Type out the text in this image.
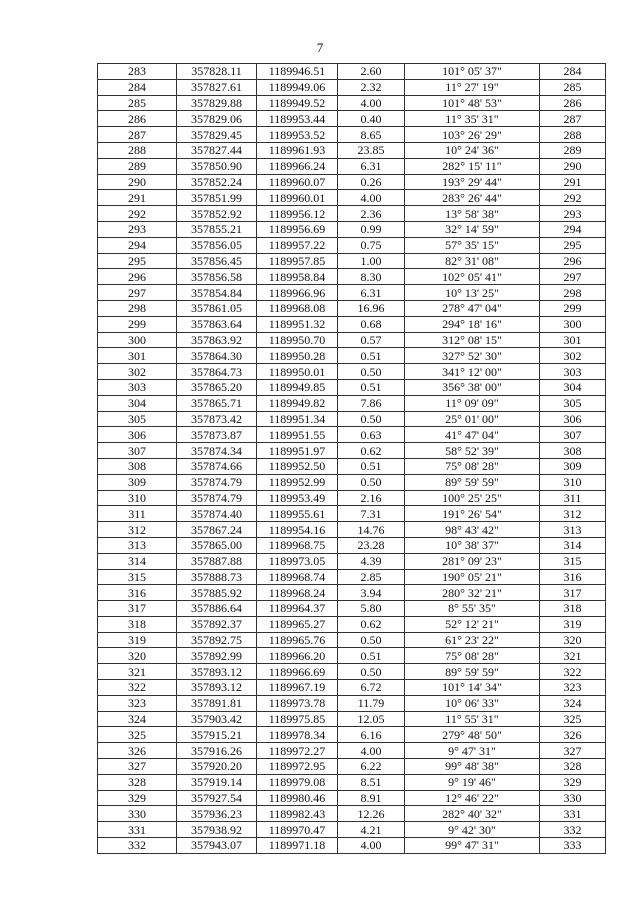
7
283	357828.11	1189946.51	2.60	101° 05' 37"	284
284	357827.61	1189949.06	2.32	11° 27' 19"	285
285	357829.88	1189949.52	4.00	101° 48' 53"	286
286	357829.06	1189953.44	0.40	11° 35' 31"	287
287	357829.45	1189953.52	8.65	103° 26' 29"	288
288	357827.44	1189961.93	23.85	10° 24' 36"	289
289	357850.90	1189966.24	6.31	282° 15' 11"	290
290	357852.24	1189960.07	0.26	193° 29' 44"	291
291	357851.99	1189960.01	4.00	283° 26' 44"	292
292	357852.92	1189956.12	2.36	13° 58' 38"	293
293	357855.21	1189956.69	0.99	32° 14' 59"	294
294	357856.05	1189957.22	0.75	57° 35' 15"	295
295	357856.45	1189957.85	1.00	82° 31' 08"	296
296	357856.58	1189958.84	8.30	102° 05' 41"	297
297	357854.84	1189966.96	6.31	10° 13' 25"	298
298	357861.05	1189968.08	16.96	278° 47' 04"	299
299	357863.64	1189951.32	0.68	294° 18' 16"	300
300	357863.92	1189950.70	0.57	312° 08' 15"	301
301	357864.30	1189950.28	0.51	327° 52' 30"	302
302	357864.73	1189950.01	0.50	341° 12' 00"	303
303	357865.20	1189949.85	0.51	356° 38' 00"	304
304	357865.71	1189949.82	7.86	11° 09' 09"	305
305	357873.42	1189951.34	0.50	25° 01' 00"	306
306	357873.87	1189951.55	0.63	41° 47' 04"	307
307	357874.34	1189951.97	0.62	58° 52' 39"	308
308	357874.66	1189952.50	0.51	75° 08' 28"	309
309	357874.79	1189952.99	0.50	89° 59' 59"	310
310	357874.79	1189953.49	2.16	100° 25' 25"	311
311	357874.40	1189955.61	7.31	191° 26' 54"	312
312	357867.24	1189954.16	14.76	98° 43' 42"	313
313	357865.00	1189968.75	23.28	10° 38' 37"	314
314	357887.88	1189973.05	4.39	281° 09' 23"	315
315	357888.73	1189968.74	2.85	190° 05' 21"	316
316	357885.92	1189968.24	3.94	280° 32' 21"	317
317	357886.64	1189964.37	5.80	8° 55' 35"	318
318	357892.37	1189965.27	0.62	52° 12' 21"	319
319	357892.75	1189965.76	0.50	61° 23' 22"	320
320	357892.99	1189966.20	0.51	75° 08' 28"	321
321	357893.12	1189966.69	0.50	89° 59' 59"	322
322	357893.12	1189967.19	6.72	101° 14' 34"	323
323	357891.81	1189973.78	11.79	10° 06' 33"	324
324	357903.42	1189975.85	12.05	11° 55' 31"	325
325	357915.21	1189978.34	6.16	279° 48' 50"	326
326	357916.26	1189972.27	4.00	9° 47' 31"	327
327	357920.20	1189972.95	6.22	99° 48' 38"	328
328	357919.14	1189979.08	8.51	9° 19' 46"	329
329	357927.54	1189980.46	8.91	12° 46' 22"	330
330	357936.23	1189982.43	12.26	282° 40' 32"	331
331	357938.92	1189970.47	4.21	9° 42' 30"	332
332	357943.07	1189971.18	4.00	99° 47' 31"	333
